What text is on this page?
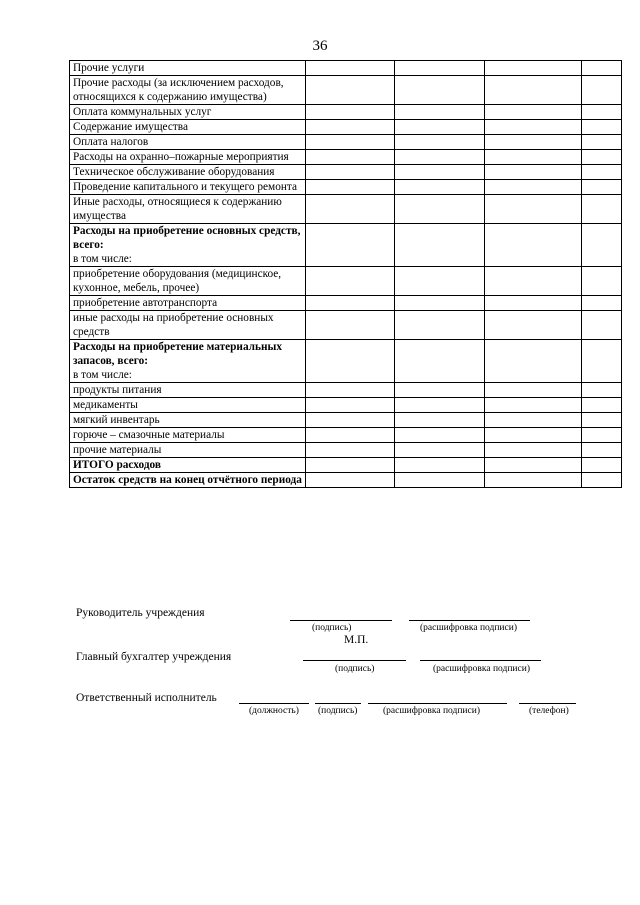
36
Прочие услуги				
Прочие расходы (за исключением расходов, относящихся к содержанию имущества)				
Оплата коммунальных услуг				
Содержание имущества				
Оплата налогов				
Расходы на охранно–пожарные мероприятия				
Техническое обслуживание оборудования				
Проведение капитального и текущего ремонта				
Иные расходы, относящиеся к содержанию имущества				
Расходы на приобретение основных средств, всего:
в том числе:				

приобретение оборудования (медицинское, кухонное, мебель, прочее)				
приобретение автотранспорта				
иные расходы на приобретение основных средств				
Расходы на приобретение материальных запасов, всего:
в том числе:				

продукты питания				
медикаменты				
мягкий инвентарь				
горюче – смазочные материалы				
прочие материалы				
ИТОГО расходов				
Остаток средств на конец отчётного периода				
Руководитель учреждения
(подпись)	(расшифровка подписи)
М.П.
Главный бухгалтер учреждения
(подпись)	(расшифровка подписи)
Ответственный исполнитель
(должность) (подпись)	(расшифровка подписи)	(телефон)
